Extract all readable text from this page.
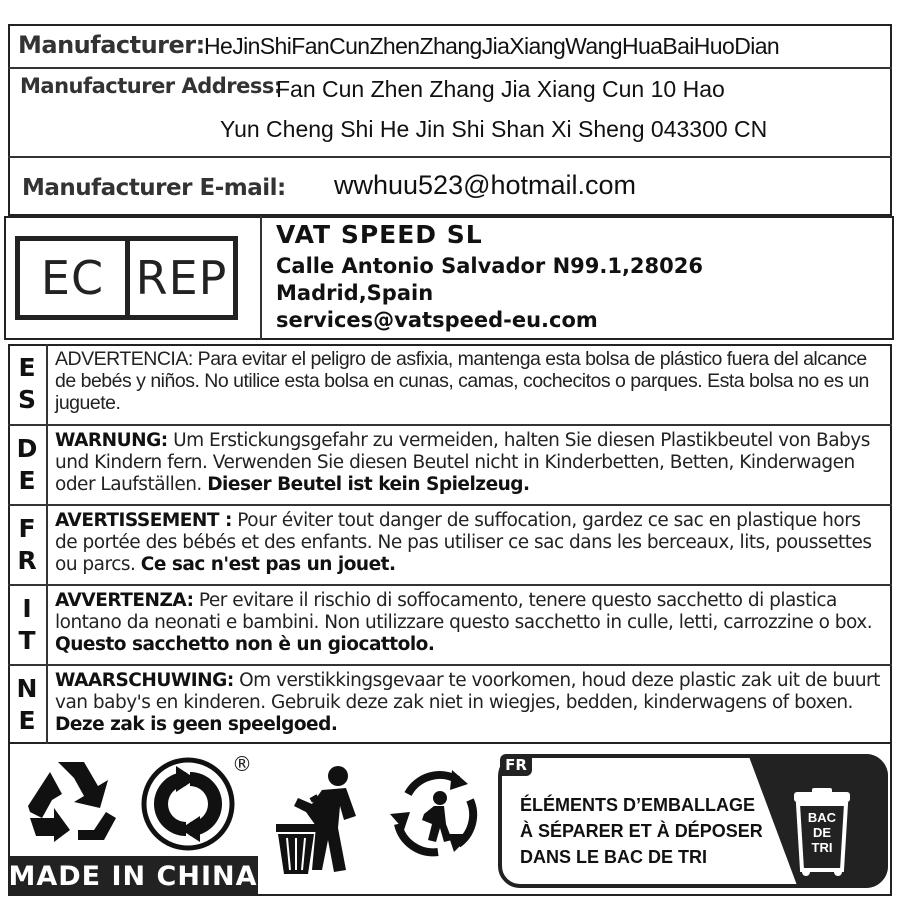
Manufacturer: HeJinShiFanCunZhenZhangJiaXiangWangHuaBaiHuoDian
Manufacturer Address:
Fan Cun Zhen Zhang Jia Xiang Cun 10 Hao
Yun Cheng Shi He Jin Shi Shan Xi Sheng 043300 CN
Manufacturer E-mail: wwhuu523@hotmail.com
EC REP
VAT SPEED SL
Calle Antonio Salvador N99.1,28026
Madrid,Spain
services@vatspeed-eu.com
E
S
ADVERTENCIA: Para evitar el peligro de asfixia, mantenga esta bolsa de plástico fuera del alcance de bebés y niños. No utilice esta bolsa en cunas, camas, cochecitos o parques. Esta bolsa no es un juguete.
D
E
WARNUNG: Um Erstickungsgefahr zu vermeiden, halten Sie diesen Plastikbeutel von Babys und Kindern fern. Verwenden Sie diesen Beutel nicht in Kinderbetten, Betten, Kinderwagen oder Laufställen. Dieser Beutel ist kein Spielzeug.
F
R
AVERTISSEMENT : Pour éviter tout danger de suffocation, gardez ce sac en plastique hors de portée des bébés et des enfants. Ne pas utiliser ce sac dans les berceaux, lits, poussettes ou parcs. Ce sac n'est pas un jouet.
I
T
AVVERTENZA: Per evitare il rischio di soffocamento, tenere questo sacchetto di plastica lontano da neonati e bambini. Non utilizzare questo sacchetto in culle, letti, carrozzine o box. Questo sacchetto non è un giocattolo.
N
E
WAARSCHUWING: Om verstikkingsgevaar te voorkomen, houd deze plastic zak uit de buurt van baby's en kinderen. Gebruik deze zak niet in wiegjes, bedden, kinderwagens of boxen. Deze zak is geen speelgoed.
®
MADE IN CHINA
FR
ÉLÉMENTS D’EMBALLAGE
À SÉPARER ET À DÉPOSER
DANS LE BAC DE TRI
BAC
DE
TRI
